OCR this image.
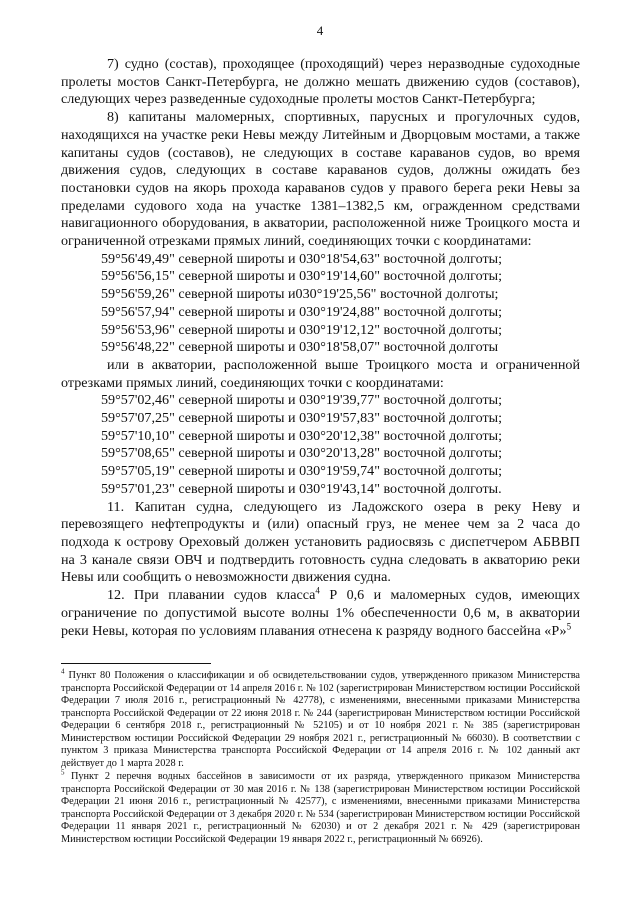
4

7) судно (состав), проходящее (проходящий) через неразводные судоходные пролеты мостов Санкт-Петербурга, не должно мешать движению судов (составов), следующих через разведенные судоходные пролеты мостов Санкт-Петербурга;

8) капитаны маломерных, спортивных, парусных и прогулочных судов, находящихся на участке реки Невы между Литейным и Дворцовым мостами, а также капитаны судов (составов), не следующих в составе караванов судов, во время движения судов, следующих в составе караванов судов, должны ожидать без постановки судов на якорь прохода караванов судов у правого берега реки Невы за пределами судового хода на участке 1381–1382,5 км, огражденном средствами навигационного оборудования, в акватории, расположенной ниже Троицкого моста и ограниченной отрезками прямых линий, соединяющих точки с координатами:

59°56'49,49" северной широты и 030°18'54,63" восточной долготы;

59°56'56,15" северной широты и 030°19'14,60" восточной долготы;

59°56'59,26" северной широты и030°19'25,56" восточной долготы;

59°56'57,94" северной широты и 030°19'24,88" восточной долготы;

59°56'53,96" северной широты и 030°19'12,12" восточной долготы;

59°56'48,22" северной широты и 030°18'58,07" восточной долготы

или в акватории, расположенной выше Троицкого моста и ограниченной отрезками прямых линий, соединяющих точки с координатами:

59°57'02,46" северной широты и 030°19'39,77" восточной долготы;

59°57'07,25" северной широты и 030°19'57,83" восточной долготы;

59°57'10,10" северной широты и 030°20'12,38" восточной долготы;

59°57'08,65" северной широты и 030°20'13,28" восточной долготы;

59°57'05,19" северной широты и 030°19'59,74" восточной долготы;

59°57'01,23" северной широты и 030°19'43,14" восточной долготы.

11. Капитан судна, следующего из Ладожского озера в реку Неву и перевозящего нефтепродукты и (или) опасный груз, не менее чем за 2 часа до подхода к острову Ореховый должен установить радиосвязь с диспетчером АБВВП на 3 канале связи ОВЧ и подтвердить готовность судна следовать в акваторию реки Невы или сообщить о невозможности движения судна.

12. При плавании судов класса$^4$ Р 0,6 и маломерных судов, имеющих ограничение по допустимой высоте волны 1% обеспеченности 0,6 м, в акватории реки Невы, которая по условиям плавания отнесена к разряду водного бассейна «Р»$^5$

$^4$ Пункт 80 Положения о классификации и об освидетельствовании судов, утвержденного приказом Министерства транспорта Российской Федерации от 14 апреля 2016 г. № 102 (зарегистрирован Министерством юстиции Российской Федерации 7 июля 2016 г., регистрационный № 42778), с изменениями, внесенными приказами Министерства транспорта Российской Федерации от 22 июня 2018 г. № 244 (зарегистрирован Министерством юстиции Российской Федерации 6 сентября 2018 г., регистрационный № 52105) и от 10 ноября 2021 г. № 385 (зарегистрирован Министерством юстиции Российской Федерации 29 ноября 2021 г., регистрационный № 66030). В соответствии с пунктом 3 приказа Министерства транспорта Российской Федерации от 14 апреля 2016 г. № 102 данный акт действует до 1 марта 2028 г.

$^5$ Пункт 2 перечня водных бассейнов в зависимости от их разряда, утвержденного приказом Министерства транспорта Российской Федерации от 30 мая 2016 г. № 138 (зарегистрирован Министерством юстиции Российской Федерации 21 июня 2016 г., регистрационный № 42577), с изменениями, внесенными приказами Министерства транспорта Российской Федерации от 3 декабря 2020 г. № 534 (зарегистрирован Министерством юстиции Российской Федерации 11 января 2021 г., регистрационный № 62030) и от 2 декабря 2021 г. № 429 (зарегистрирован Министерством юстиции Российской Федерации 19 января 2022 г., регистрационный № 66926).
